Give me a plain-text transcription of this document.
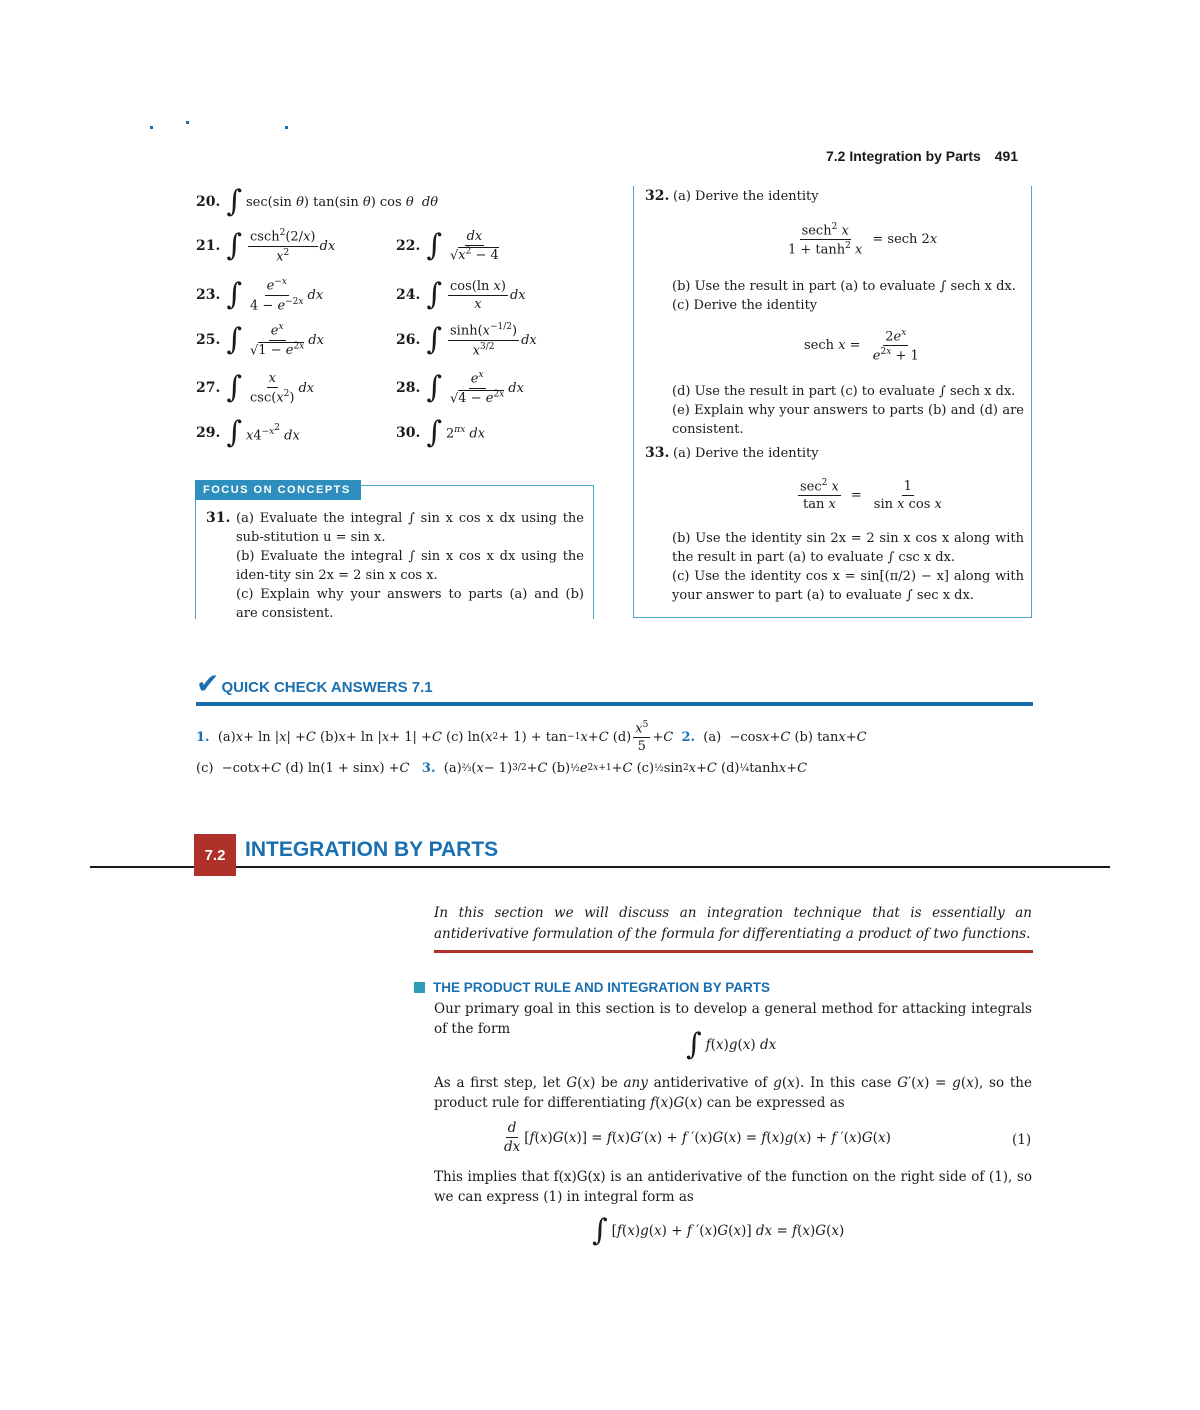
7.2 Integration by Parts 491
20. ∫ sec(sin θ) tan(sin θ) cos θ dθ
21. ∫ $\frac{\csc h^2(2/x)}{x^2}$ dx	22. ∫ $\frac{dx}{√x^2 - 4}$
23. ∫ $\frac{e^{-x}}{4 - e^{-2x}}$ dx	24. ∫ $\frac{\text{cos(ln x)}}{x}$ dx
25. ∫ $\frac{e^x}{√1 - e^{2x}}$ dx	26. ∫ $\frac{\sinh(x^{-1/2})}{x^{3/2}}$ dx
27. ∫ $\frac{x}{\csc(x^2)}$ dx	28. ∫ $\frac{e^x}{√4 - e^{2x}}$ dx
29. ∫ $x4^{-x^2}$ dx	30. ∫ $2^{\pi x}$ dx
FOCUS ON CONCEPTS
31. (a) Evaluate the integral ∫ sin x cos x dx using the sub-stitution u = sin x.
(b) Evaluate the integral ∫ sin x cos x dx using the iden-tity sin 2x = 2 sin x cos x.
(c) Explain why your answers to parts (a) and (b) are consistent.
32. (a) Derive the identity
$\frac{\sec h^2 x}{1 + \tanh^2 x} = \sec h$ 2x
(b) Use the result in part (a) to evaluate ∫ sech x dx.
(c) Derive the identity
sech $x = \frac{2e^x}{e^{2x} + 1}$
(d) Use the result in part (c) to evaluate ∫ sech x dx.
(e) Explain why your answers to parts (b) and (d) are consistent.
33. (a) Derive the identity
$\frac{\sec^2 x}{\text{tan x}} = \frac{1}{\text{sin x cos x}}$
(b) Use the identity sin 2x = 2 sin x cos x along with the result in part (a) to evaluate ∫ csc x dx.
(c) Use the identity cos x = sin[(π/2) − x] along with your answer to part (a) to evaluate ∫ sec x dx.
✔ QUICK CHECK ANSWERS 7.1
1. (a) x + ln | x | + C (b) x + ln | x + 1| + C (c) ln( x 2 + 1) + tan −1 x + C $(d) \frac{x^5}{5} + C$
2. (a)  −cos x + C (b) tan x + C
(c)  −cot x + C (d) ln(1 + sin x ) + C
3. (a) ⅔ ( x − 1) 3/2 + C (b) ½ e 2x+1 + C (c) ½ sin 2 x + C (d) ¼ tanh x + C
7.2 INTEGRATION BY PARTS
In this section we will discuss an integration technique that is essentially an antiderivative formulation of the formula for differentiating a product of two functions.
THE PRODUCT RULE AND INTEGRATION BY PARTS
Our primary goal in this section is to develop a general method for attacking integrals of the form	∫ f(x)g(x) dx
As a first step, let G(x) be any antiderivative of g(x). In this case G′(x) = g(x), so the product rule for differentiating f(x)G(x) can be expressed as
$\frac{d}{dx} [f(x)G(x)] = f(x)G'(x) + f$ ′(x)G(x) = f(x)g(x) + f ′(x)G(x)	(1)
This implies that f(x)G(x) is an antiderivative of the function on the right side of (1), so we can express (1) in integral form as
∫ [f(x)g(x) + f ′(x)G(x)] dx = f(x)G(x)
